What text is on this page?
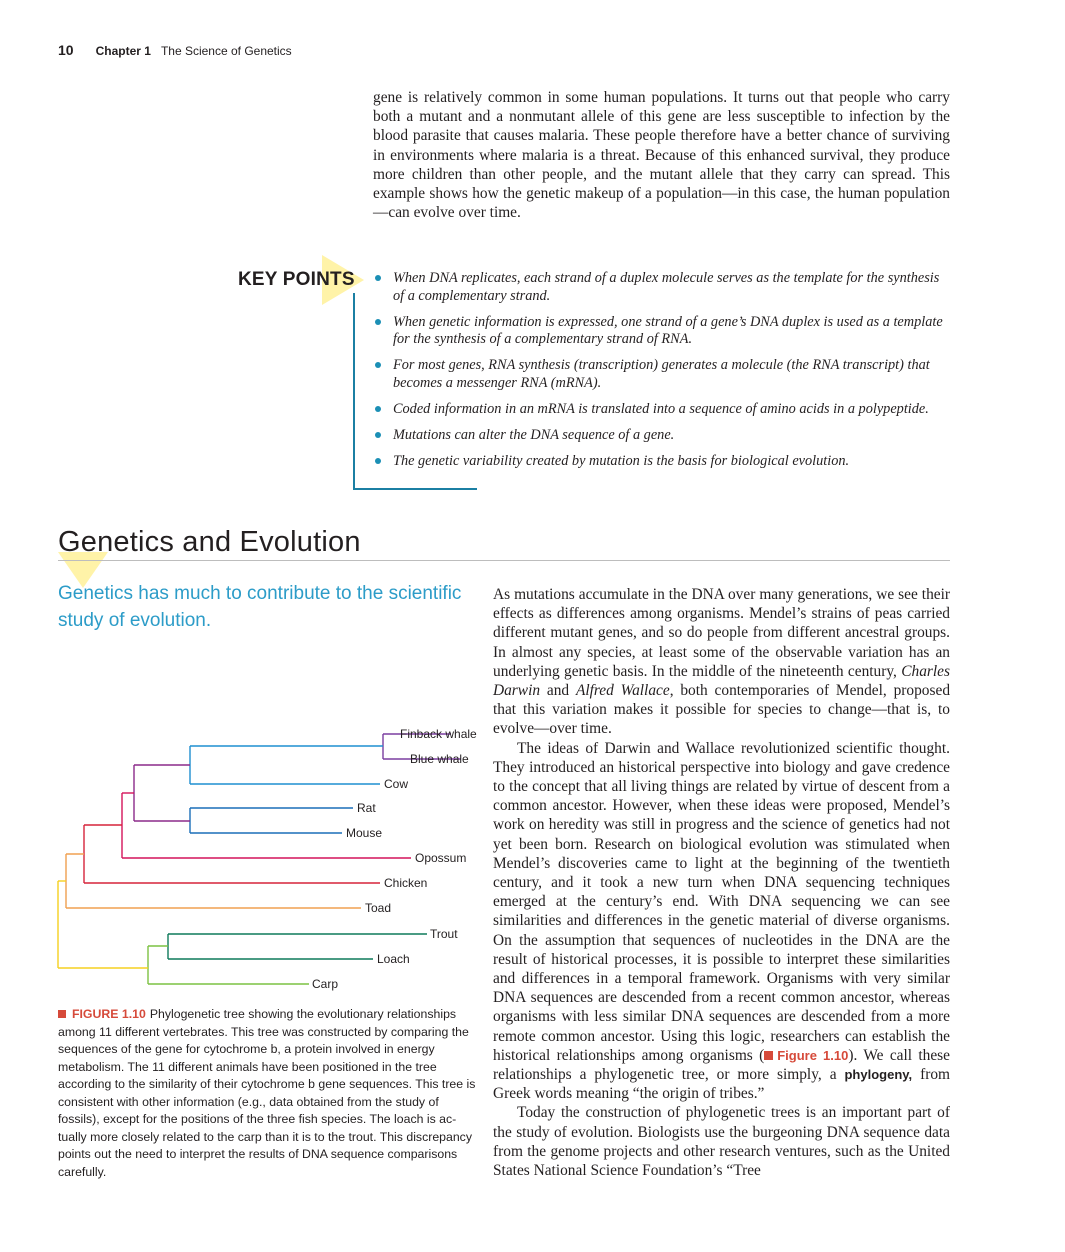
10 Chapter 1 The Science of Genetics

gene is relatively common in some human populations. It turns out that people who carry both a mutant and a nonmutant allele of this gene are less susceptible to infection by the blood parasite that causes malaria. These people therefore have a better chance of surviving in environments where malaria is a threat. Because of this enhanced survival, they produce more children than other people, and the mutant allele that they carry can spread. This example shows how the genetic makeup of a population—in this case, the human population—can evolve over time.

KEY POINTS	When DNA replicates, each strand of a duplex molecule serves as the template for the synthesis of a complementary strand.
When genetic information is expressed, one strand of a gene’s DNA duplex is used as a template for the synthesis of a complementary strand of RNA.
For most genes, RNA synthesis (transcription) generates a molecule (the RNA transcript) that becomes a messenger RNA (mRNA).
Coded information in an mRNA is translated into a sequence of amino acids in a polypeptide.
Mutations can alter the DNA sequence of a gene.
The genetic variability created by mutation is the basis for biological evolution.
Genetics and Evolution
Genetics has much to contribute to the scientific study of evolution.
Finback whale
Blue whale
Cow
Rat
Mouse
Opossum
Chicken
Toad
Trout
Loach
Carp
FIGURE 1.10 Phylogenetic tree showing the evolutionary relationships among 11 different vertebrates. This tree was constructed by comparing the sequences of the gene for cytochrome b, a protein involved in energy metabolism. The 11 different animals have been positioned in the tree according to the similarity of their cytochrome b gene sequences. This tree is consistent with other information (e.g., data obtained from the study of fossils), except for the positions of the three fish species. The loach is actually more closely related to the carp than it is to the trout. This discrepancy points out the need to interpret the results of DNA sequence comparisons carefully.

As mutations accumulate in the DNA over many generations, we see their effects as differences among organisms. Mendel’s strains of peas carried different mutant genes, and so do people from different ancestral groups. In almost any species, at least some of the observable variation has an underlying genetic basis. In the middle of the nineteenth century, Charles Darwin and Alfred Wallace, both contemporaries of Mendel, proposed that this variation makes it possible for species to change—that is, to evolve—over time.

The ideas of Darwin and Wallace revolutionized scientific thought. They introduced an historical perspective into biology and gave credence to the concept that all living things are related by virtue of descent from a common ancestor. However, when these ideas were proposed, Mendel’s work on heredity was still in progress and the science of genetics had not yet been born. Research on biological evolution was stimulated when Mendel’s discoveries came to light at the beginning of the twentieth century, and it took a new turn when DNA sequencing techniques emerged at the century’s end. With DNA sequencing we can see similarities and differences in the genetic material of diverse organisms. On the assumption that sequences of nucleotides in the DNA are the result of historical processes, it is possible to interpret these similarities and differences in a temporal framework. Organisms with very similar DNA sequences are descended from a recent common ancestor, whereas organisms with less similar DNA sequences are descended from a more remote common ancestor. Using this logic, researchers can establish the historical relationships among organisms ( Figure 1.10). We call these relationships a phylogenetic tree, or more simply, a phylogeny, from Greek words meaning “the origin of tribes.”

Today the construction of phylogenetic trees is an important part of the study of evolution. Biologists use the burgeoning DNA sequence data from the genome projects and other research ventures, such as the United States National Science Foundation’s “Tree
